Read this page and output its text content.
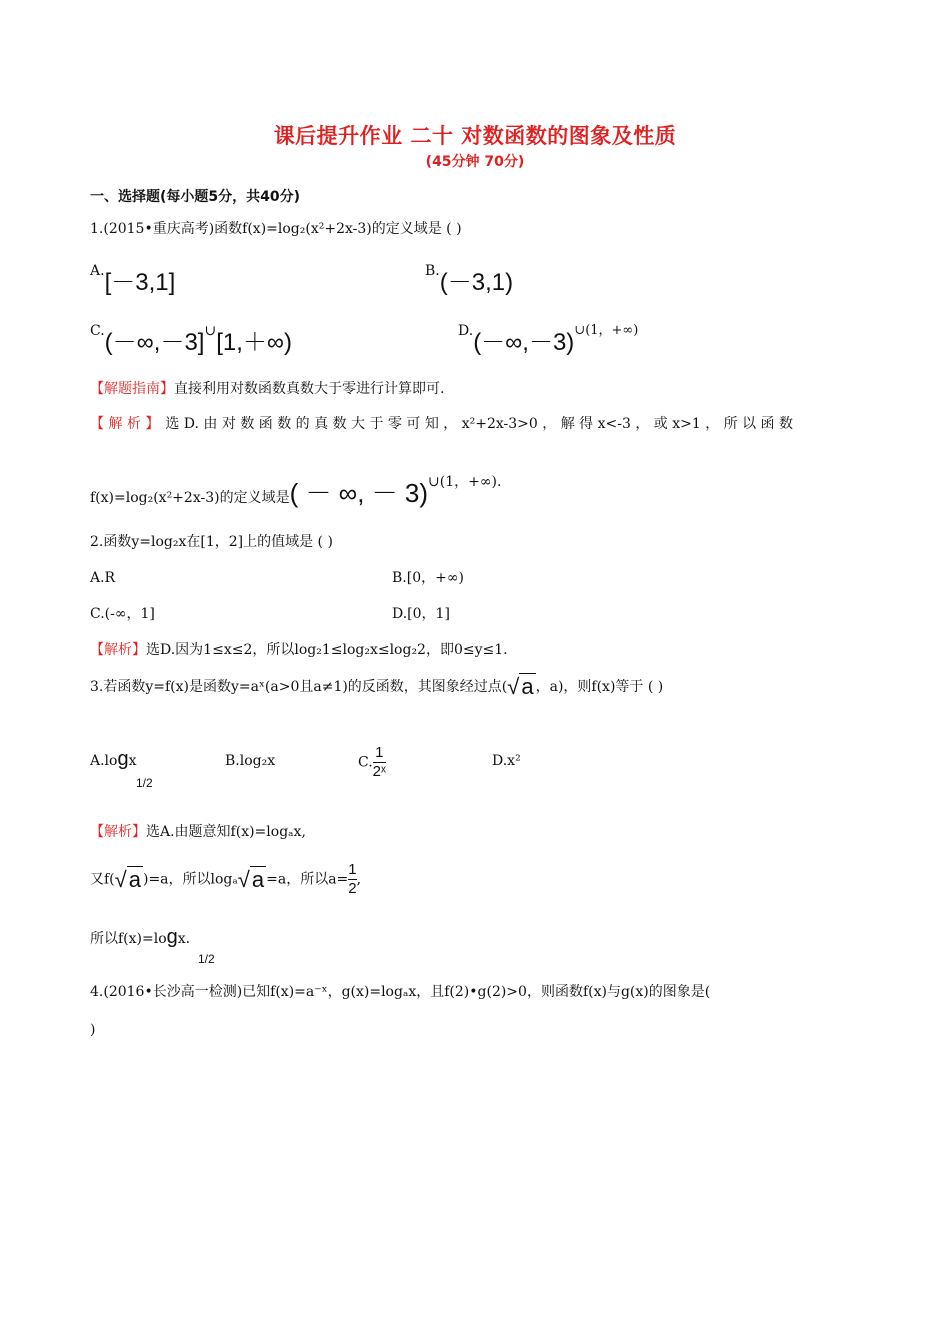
课后提升作业 二十 对数函数的图象及性质
(45分钟 70分)
一、选择题(每小题5分，共40分)
1.(2015•重庆高考)函数f(x)=log₂(x²+2x-3)的定义域是 ( )
A.[－3,1]	B.(－3,1)
C.(－∞,－3]∪[1,＋∞)	$D.(-\infty,-3)^{\cup(1,+\infty)}$
【解题指南】直接利用对数函数真数大于零进行计算即可.
【 解 析 】 选 D. 由 对 数 函 数 的 真 数 大 于 零 可 知 ， x²+2x-3>0 ， 解 得 x<-3 ， 或 x>1 ， 所 以 函 数
f(x)=log₂(x²+2x-3)的定义域是( － ∞, － 3)∪(1，+∞).
2.函数y=log₂x在[1，2]上的值域是 ( )
A.R	B.[0，+∞)
C.(-∞，1]	D.[0，1]
【解析】选D.因为1≤x≤2，所以log₂1≤log₂x≤log₂2，即0≤y≤1.
3.若函数y=f(x)是函数y=aˣ(a>0且a≠1)的反函数，其图象经过点(√a ，a)，则f(x)等于 ( )
A.logx
1/2
B.log₂x	C. $\frac{1}{\text{2ˣ}}$	D.x²
【解析】选A.由题意知f(x)=logₐx,
又f(√a )=a，所以logₐ√a =a，所以$a= \frac{1}{2}$ ,
所以f(x)=logx.
1/2
4.(2016•长沙高一检测)已知f(x)=a⁻ˣ，g(x)=logₐx，且f(2)•g(2)>0，则函数f(x)与g(x)的图象是(
)
